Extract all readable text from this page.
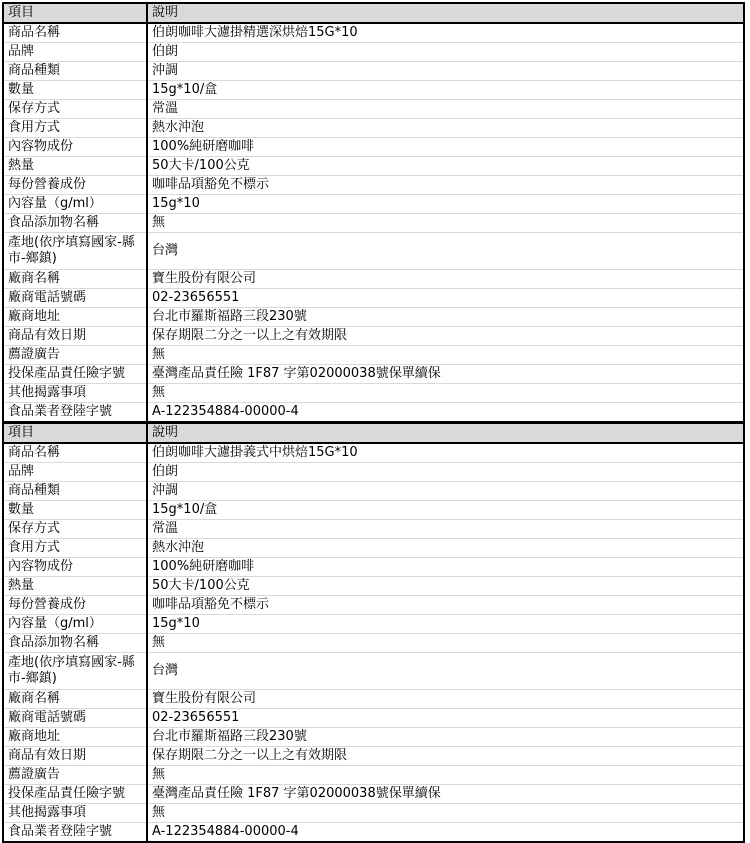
項目	說明
商品名稱	伯朗咖啡大濾掛精選深烘焙15G*10
品牌	伯朗
商品種類	沖調
數量	15g*10/盒
保存方式	常溫
食用方式	熱水沖泡
內容物成份	100%純研磨咖啡
熱量	50大卡/100公克
每份營養成份	咖啡品項豁免不標示
內容量（g/ml）	15g*10
食品添加物名稱	無
產地(依序填寫國家-縣市-鄉鎮)	台灣
廠商名稱	寶生股份有限公司
廠商電話號碼	02-23656551
廠商地址	台北市羅斯福路三段230號
商品有效日期	保存期限二分之一以上之有效期限
薦證廣告	無
投保產品責任險字號	臺灣產品責任險 1F87 字第02000038號保單續保
其他揭露事項	無
食品業者登陸字號	A-122354884-00000-4
項目	說明
商品名稱	伯朗咖啡大濾掛義式中烘焙15G*10
品牌	伯朗
商品種類	沖調
數量	15g*10/盒
保存方式	常溫
食用方式	熱水沖泡
內容物成份	100%純研磨咖啡
熱量	50大卡/100公克
每份營養成份	咖啡品項豁免不標示
內容量（g/ml）	15g*10
食品添加物名稱	無
產地(依序填寫國家-縣市-鄉鎮)	台灣
廠商名稱	寶生股份有限公司
廠商電話號碼	02-23656551
廠商地址	台北市羅斯福路三段230號
商品有效日期	保存期限二分之一以上之有效期限
薦證廣告	無
投保產品責任險字號	臺灣產品責任險 1F87 字第02000038號保單續保
其他揭露事項	無
食品業者登陸字號	A-122354884-00000-4
